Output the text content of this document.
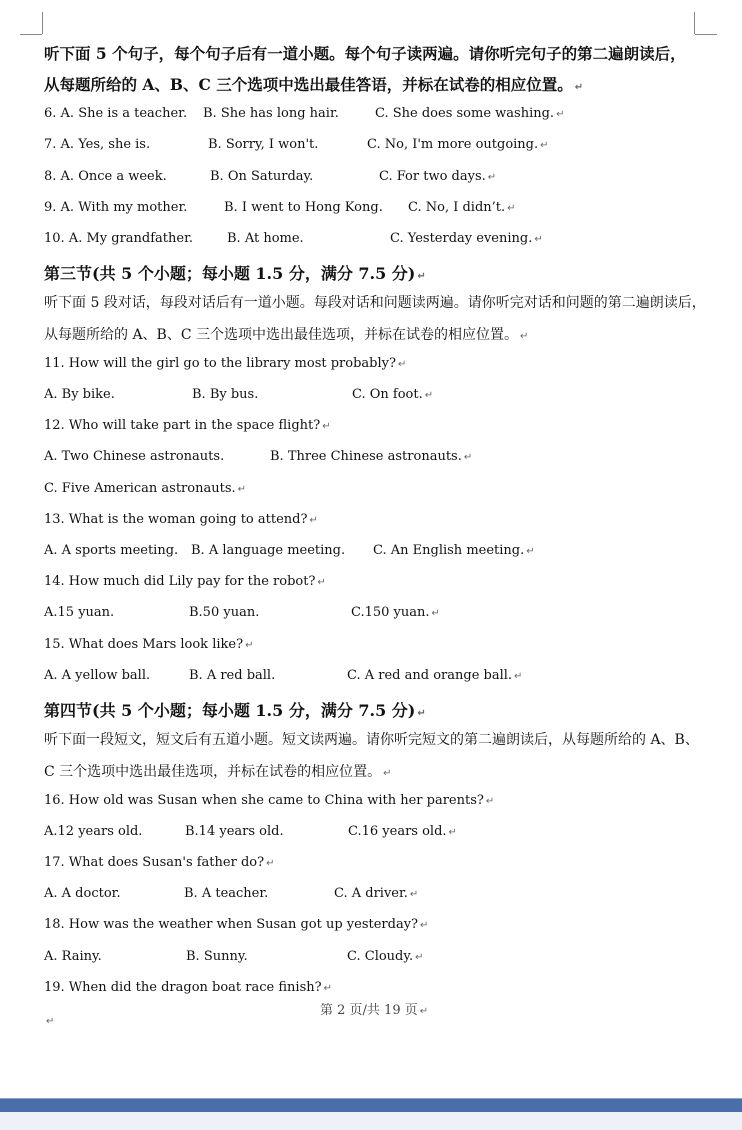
听下面 5 个句子，每个句子后有一道小题。每个句子读两遍。请你听完句子的第二遍朗读后，
从每题所给的 A、B、C 三个选项中选出最佳答语，并标在试卷的相应位置。 ↵
6. A. She is a teacher. B. She has long hair.	C. She does some washing. ↵
7. A. Yes, she is.	B. Sorry, I won't.	C. No, I'm more outgoing. ↵
8. A. Once a week.	B. On Saturday.	C. For two days. ↵
9. A. With my mother.	B. I went to Hong Kong. C. No, I didn’t. ↵
10. A. My grandfather.	B. At home.	C. Yesterday evening. ↵
第三节(共 5 个小题；每小题 1.5 分，满分 7.5 分) ↵
听下面 5 段对话，每段对话后有一道小题。每段对话和问题读两遍。请你听完对话和问题的第二遍朗读后，
从每题所给的 A、B、C 三个选项中选出最佳选项，并标在试卷的相应位置。 ↵
11. How will the girl go to the library most probably? ↵
A. By bike.	B. By bus.	C. On foot. ↵
12. Who will take part in the space flight? ↵
A. Two Chinese astronauts.	B. Three Chinese astronauts. ↵
C. Five American astronauts. ↵
13. What is the woman going to attend? ↵
A. A sports meeting. B. A language meeting. C. An English meeting. ↵
14. How much did Lily pay for the robot? ↵
A.15 yuan.	B.50 yuan.	C.150 yuan. ↵
15. What does Mars look like? ↵
A. A yellow ball.	B. A red ball.	C. A red and orange ball. ↵
第四节(共 5 个小题；每小题 1.5 分，满分 7.5 分) ↵
听下面一段短文，短文后有五道小题。短文读两遍。请你听完短文的第二遍朗读后，从每题所给的 A、B、
C 三个选项中选出最佳选项，并标在试卷的相应位置。 ↵
16. How old was Susan when she came to China with her parents? ↵
A.12 years old.	B.14 years old.	C.16 years old. ↵
17. What does Susan's father do? ↵
A. A doctor.	B. A teacher.	C. A driver. ↵
18. How was the weather when Susan got up yesterday? ↵
A. Rainy.	B. Sunny.	C. Cloudy. ↵
19. When did the dragon boat race finish? ↵
第 2 页/共 19 页 ↵
↵
